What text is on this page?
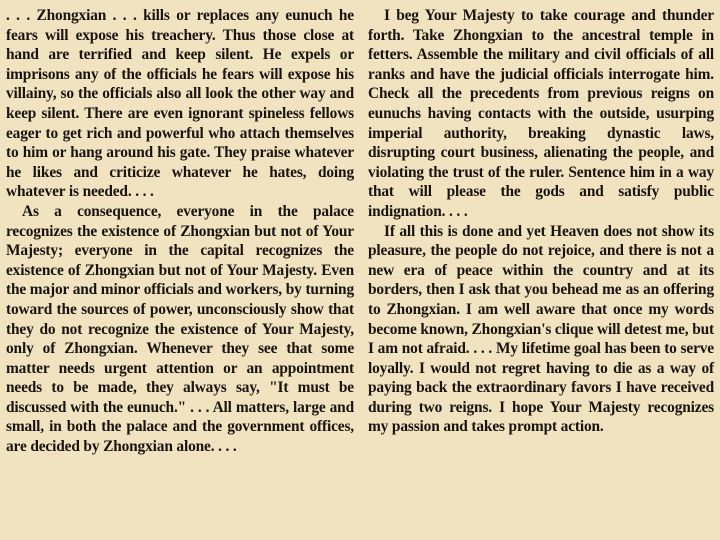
. . . Zhongxian . . . kills or replaces any eunuch he fears will expose his treachery. Thus those close at hand are terrified and keep silent. He expels or imprisons any of the officials he fears will expose his villainy, so the officials also all look the other way and keep silent. There are even ignorant spineless fellows eager to get rich and powerful who attach themselves to him or hang around his gate. They praise whatever he likes and criticize whatever he hates, doing whatever is needed. . . .

As a consequence, everyone in the palace recognizes the existence of Zhongxian but not of Your Majesty; everyone in the capital recognizes the existence of Zhongxian but not of Your Majesty. Even the major and minor officials and workers, by turning toward the sources of power, unconsciously show that they do not recognize the existence of Your Majesty, only of Zhongxian. Whenever they see that some matter needs urgent attention or an appointment needs to be made, they always say, "It must be discussed with the eunuch." . . . All matters, large and small, in both the palace and the government offices, are decided by Zhongxian alone. . . .

I beg Your Majesty to take courage and thunder forth. Take Zhongxian to the ancestral temple in fetters. Assemble the military and civil officials of all ranks and have the judicial officials interrogate him. Check all the precedents from previous reigns on eunuchs having contacts with the outside, usurping imperial authority, breaking dynastic laws, disrupting court business, alienating the people, and violating the trust of the ruler. Sentence him in a way that will please the gods and satisfy public indignation. . . .

If all this is done and yet Heaven does not show its pleasure, the people do not rejoice, and there is not a new era of peace within the country and at its borders, then I ask that you behead me as an offering to Zhongxian. I am well aware that once my words become known, Zhongxian's clique will detest me, but I am not afraid. . . . My lifetime goal has been to serve loyally. I would not regret having to die as a way of paying back the extraordinary favors I have received during two reigns. I hope Your Majesty recognizes my passion and takes prompt action.
